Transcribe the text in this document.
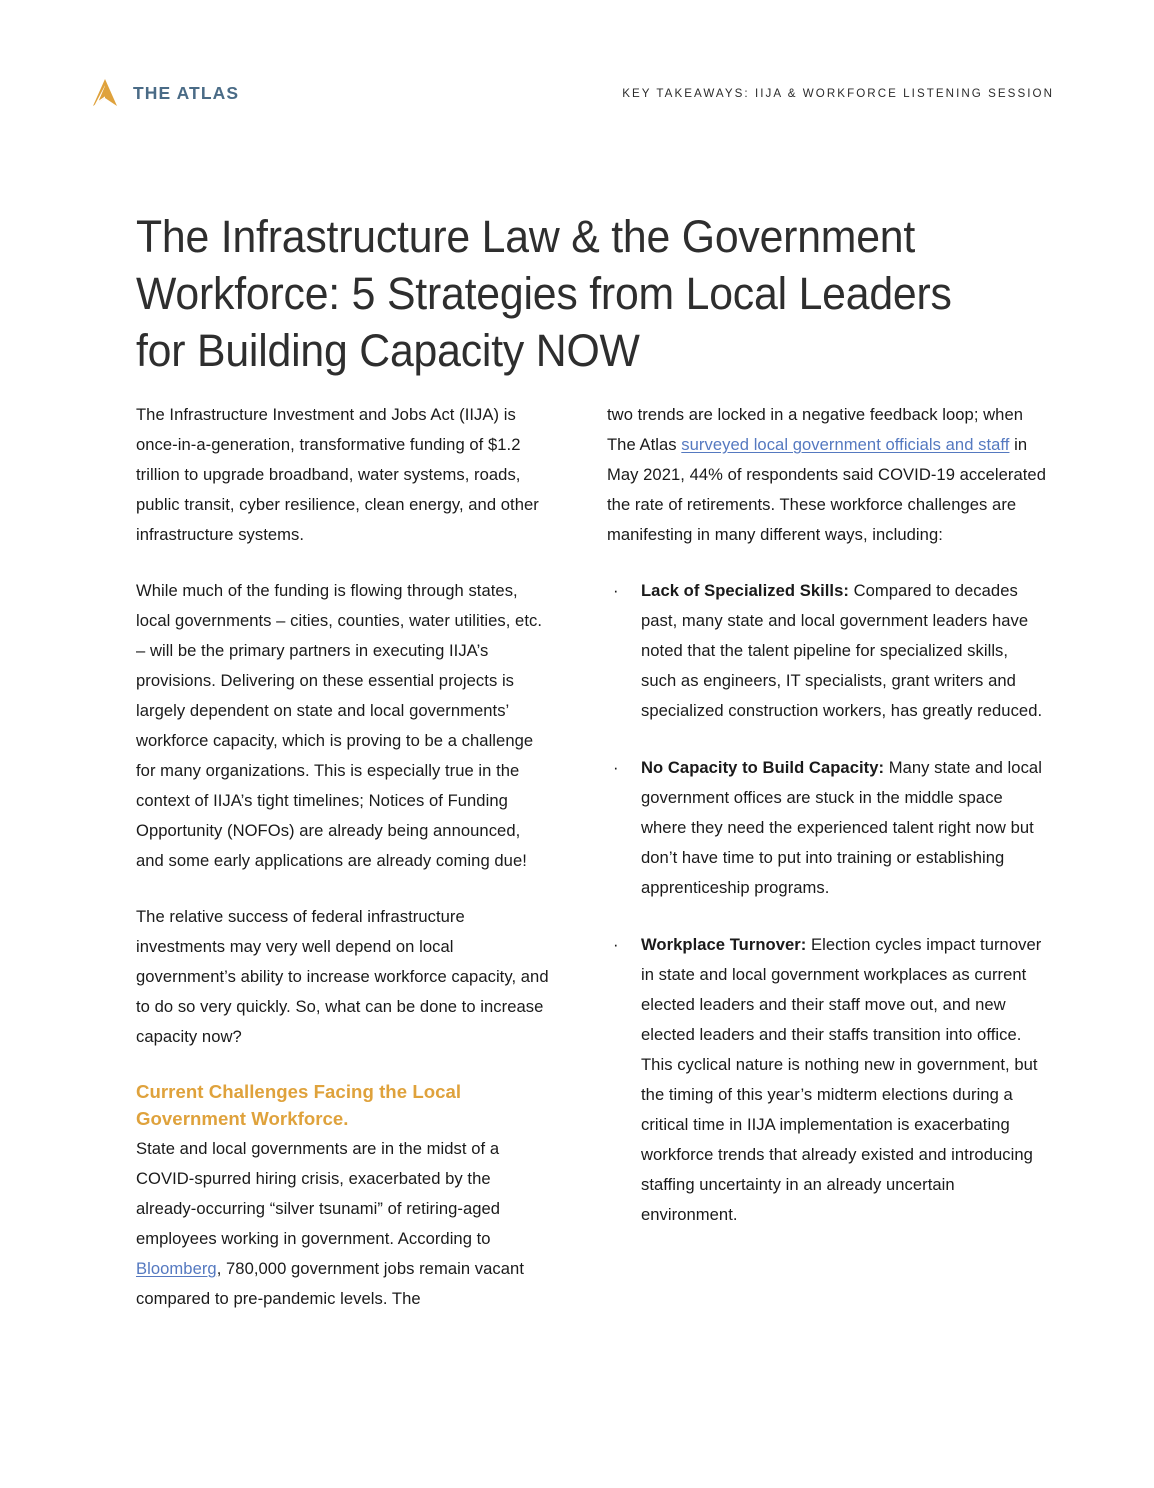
THE ATLAS	KEY TAKEAWAYS: IIJA & WORKFORCE LISTENING SESSION
The Infrastructure Law & the Government Workforce: 5 Strategies from Local Leaders for Building Capacity NOW

The Infrastructure Investment and Jobs Act (IIJA) is once-in-a-generation, transformative funding of $1.2 trillion to upgrade broadband, water systems, roads, public transit, cyber resilience, clean energy, and other infrastructure systems.

While much of the funding is flowing through states, local governments – cities, counties, water utilities, etc. – will be the primary partners in executing IIJA’s provisions. Delivering on these essential projects is largely dependent on state and local governments’ workforce capacity, which is proving to be a challenge for many organizations. This is especially true in the context of IIJA’s tight timelines; Notices of Funding Opportunity (NOFOs) are already being announced, and some early applications are already coming due!

The relative success of federal infrastructure investments may very well depend on local government’s ability to increase workforce capacity, and to do so very quickly. So, what can be done to increase capacity now?

Current Challenges Facing the Local Government Workforce.

State and local governments are in the midst of a COVID-spurred hiring crisis, exacerbated by the already-occurring “silver tsunami” of retiring-aged employees working in government. According to Bloomberg, 780,000 government jobs remain vacant compared to pre-pandemic levels. The

two trends are locked in a negative feedback loop; when The Atlas surveyed local government officials and staff in May 2021, 44% of respondents said COVID-19 accelerated the rate of retirements. These workforce challenges are manifesting in many different ways, including:

· Lack of Specialized Skills: Compared to decades past, many state and local government leaders have noted that the talent pipeline for specialized skills, such as engineers, IT specialists, grant writers and specialized construction workers, has greatly reduced.
· No Capacity to Build Capacity: Many state and local government offices are stuck in the middle space where they need the experienced talent right now but don’t have time to put into training or establishing apprenticeship programs.
· Workplace Turnover: Election cycles impact turnover in state and local government workplaces as current elected leaders and their staff move out, and new elected leaders and their staffs transition into office. This cyclical nature is nothing new in government, but the timing of this year’s midterm elections during a critical time in IIJA implementation is exacerbating workforce trends that already existed and introducing staffing uncertainty in an already uncertain environment.
